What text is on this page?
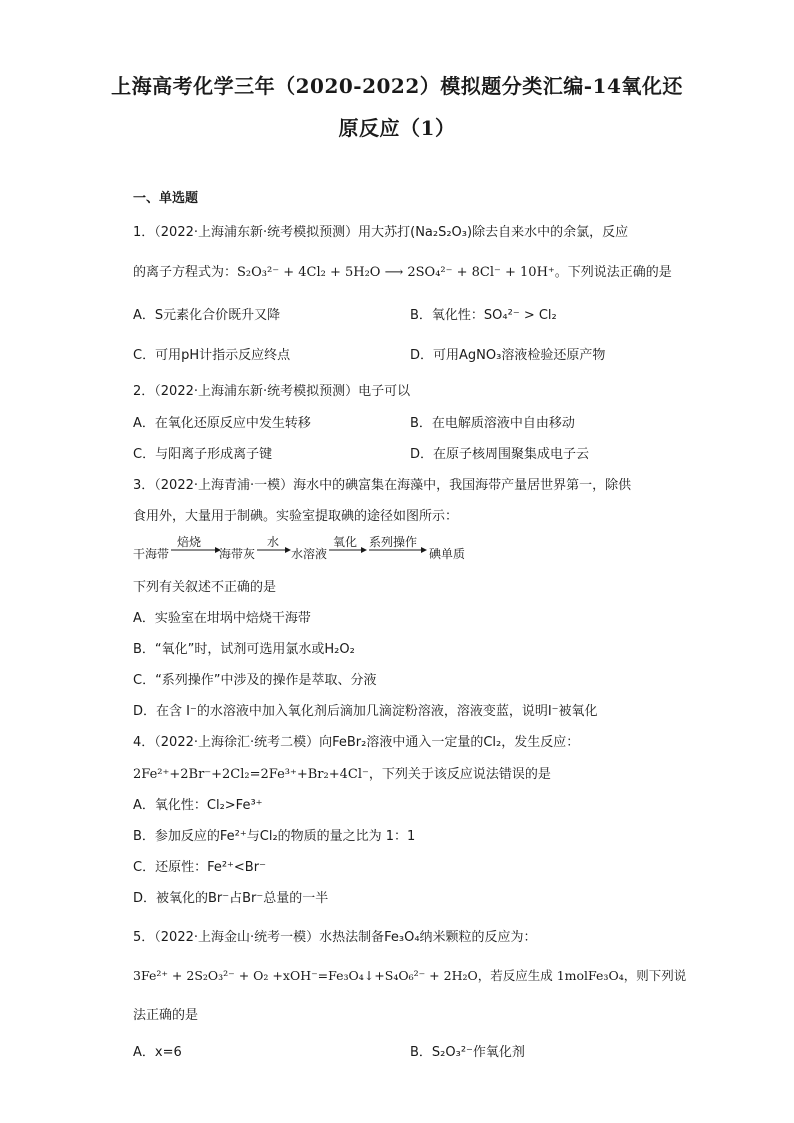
上海高考化学三年（2020-2022）模拟题分类汇编-14氧化还
原反应（1）
一、单选题
1．（2022·上海浦东新·统考模拟预测）用大苏打(Na₂S₂O₃)除去自来水中的余氯，反应
的离子方程式为：S₂O₃²⁻ + 4Cl₂ + 5H₂O ⟶ 2SO₄²⁻ + 8Cl⁻ + 10H⁺。下列说法正确的是
A．S元素化合价既升又降	B．氧化性：SO₄²⁻ > Cl₂
C．可用pH计指示反应终点	D．可用AgNO₃溶液检验还原产物
2．（2022·上海浦东新·统考模拟预测）电子可以
A．在氧化还原反应中发生转移	B．在电解质溶液中自由移动
C．与阳离子形成离子键	D．在原子核周围聚集成电子云
3．（2022·上海青浦·一模）海水中的碘富集在海藻中，我国海带产量居世界第一，除供
食用外，大量用于制碘。实验室提取碘的途径如图所示：
干海带
焙烧
海带灰
水
水溶液
氧化 系列操作
碘单质
下列有关叙述不正确的是
A．实验室在坩埚中焙烧干海带
B．“氧化”时，试剂可选用氯水或H₂O₂
C．“系列操作”中涉及的操作是萃取、分液
D．在含 I⁻的水溶液中加入氧化剂后滴加几滴淀粉溶液，溶液变蓝，说明I⁻被氧化
4．（2022·上海徐汇·统考二模）向FeBr₂溶液中通入一定量的Cl₂，发生反应：
2Fe²⁺+2Br⁻+2Cl₂=2Fe³⁺+Br₂+4Cl⁻，下列关于该反应说法错误的是
A．氧化性：Cl₂>Fe³⁺
B．参加反应的Fe²⁺与Cl₂的物质的量之比为 1：1
C．还原性：Fe²⁺<Br⁻
D．被氧化的Br⁻占Br⁻总量的一半
5．（2022·上海金山·统考一模）水热法制备Fe₃O₄纳米颗粒的反应为：
3Fe²⁺ + 2S₂O₃²⁻ + O₂ +xOH⁻=Fe₃O₄↓+S₄O₆²⁻ + 2H₂O，若反应生成 1molFe₃O₄，则下列说
法正确的是
A．x=6	B．S₂O₃²⁻作氧化剂
